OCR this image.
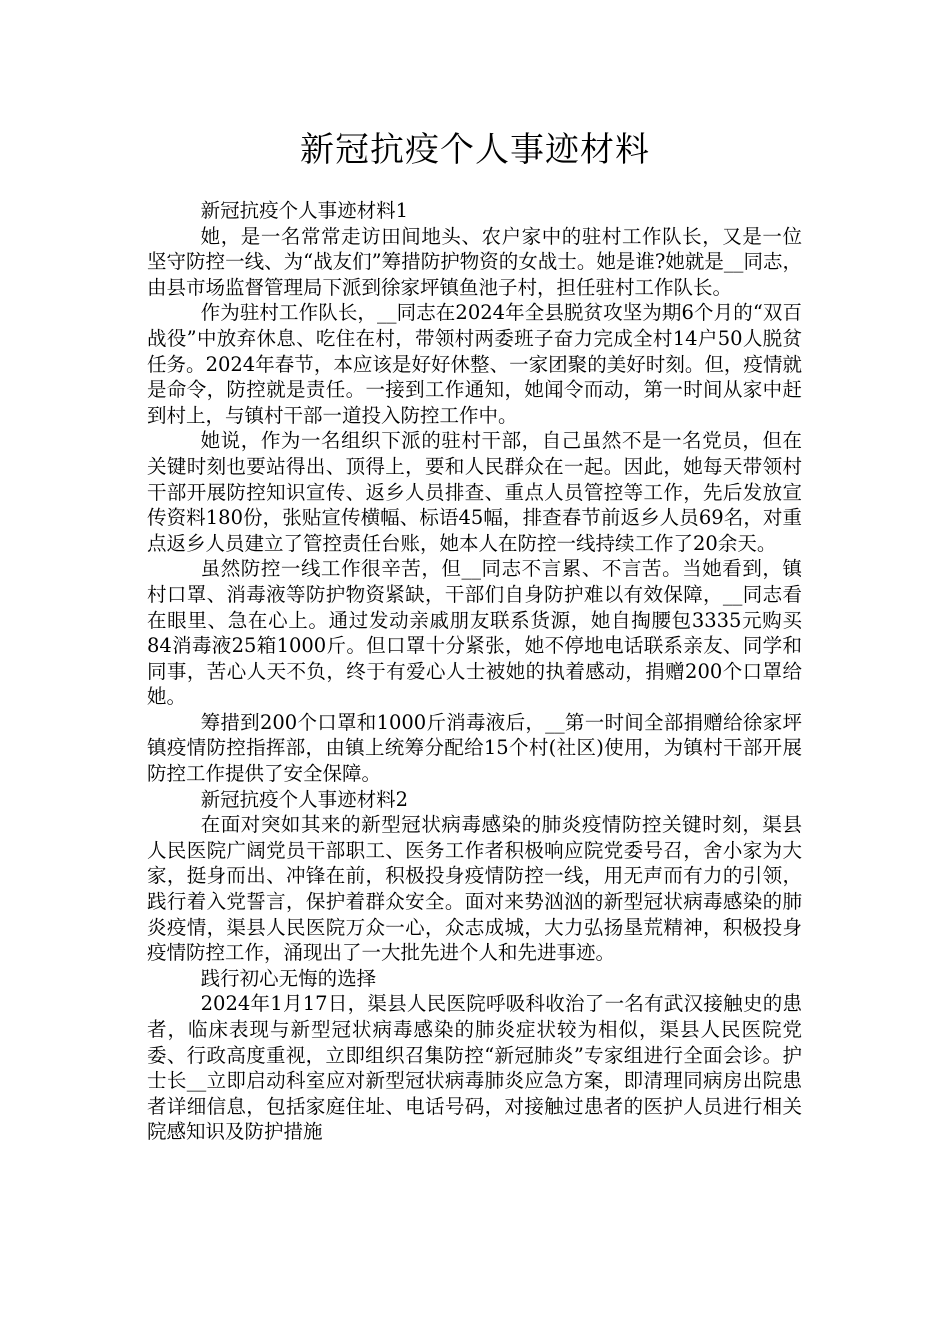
新冠抗疫个人事迹材料

新冠抗疫个人事迹材料1

她，是一名常常走访田间地头、农户家中的驻村工作队长，又是一位坚守防控一线、为“战友们”筹措防护物资的女战士。她是谁?她就是__同志，由县市场监督管理局下派到徐家坪镇鱼池子村，担任驻村工作队长。

作为驻村工作队长，__同志在2024年全县脱贫攻坚为期6个月的“双百战役”中放弃休息、吃住在村，带领村两委班子奋力完成全村14户50人脱贫任务。2024年春节，本应该是好好休整、一家团聚的美好时刻。但，疫情就是命令，防控就是责任。一接到工作通知，她闻令而动，第一时间从家中赶到村上，与镇村干部一道投入防控工作中。

她说，作为一名组织下派的驻村干部，自己虽然不是一名党员，但在关键时刻也要站得出、顶得上，要和人民群众在一起。因此，她每天带领村干部开展防控知识宣传、返乡人员排查、重点人员管控等工作，先后发放宣传资料180份，张贴宣传横幅、标语45幅，排查春节前返乡人员69名，对重点返乡人员建立了管控责任台账，她本人在防控一线持续工作了20余天。

虽然防控一线工作很辛苦，但__同志不言累、不言苦。当她看到，镇村口罩、消毒液等防护物资紧缺，干部们自身防护难以有效保障，__同志看在眼里、急在心上。通过发动亲戚朋友联系货源，她自掏腰包3335元购买84消毒液25箱1000斤。但口罩十分紧张，她不停地电话联系亲友、同学和同事，苦心人天不负，终于有爱心人士被她的执着感动，捐赠200个口罩给她。

筹措到200个口罩和1000斤消毒液后，__第一时间全部捐赠给徐家坪镇疫情防控指挥部，由镇上统筹分配给15个村(社区)使用，为镇村干部开展防控工作提供了安全保障。

新冠抗疫个人事迹材料2

在面对突如其来的新型冠状病毒感染的肺炎疫情防控关键时刻，渠县人民医院广阔党员干部职工、医务工作者积极响应院党委号召，舍小家为大家，挺身而出、冲锋在前，积极投身疫情防控一线，用无声而有力的引领，践行着入党誓言，保护着群众安全。面对来势汹汹的新型冠状病毒感染的肺炎疫情，渠县人民医院万众一心，众志成城，大力弘扬垦荒精神，积极投身疫情防控工作，涌现出了一大批先进个人和先进事迹。

践行初心无悔的选择

2024年1月17日，渠县人民医院呼吸科收治了一名有武汉接触史的患者，临床表现与新型冠状病毒感染的肺炎症状较为相似，渠县人民医院党委、行政高度重视，立即组织召集防控“新冠肺炎”专家组进行全面会诊。护士长__立即启动科室应对新型冠状病毒肺炎应急方案，即清理同病房出院患者详细信息，包括家庭住址、电话号码，对接触过患者的医护人员进行相关院感知识及防护措施
